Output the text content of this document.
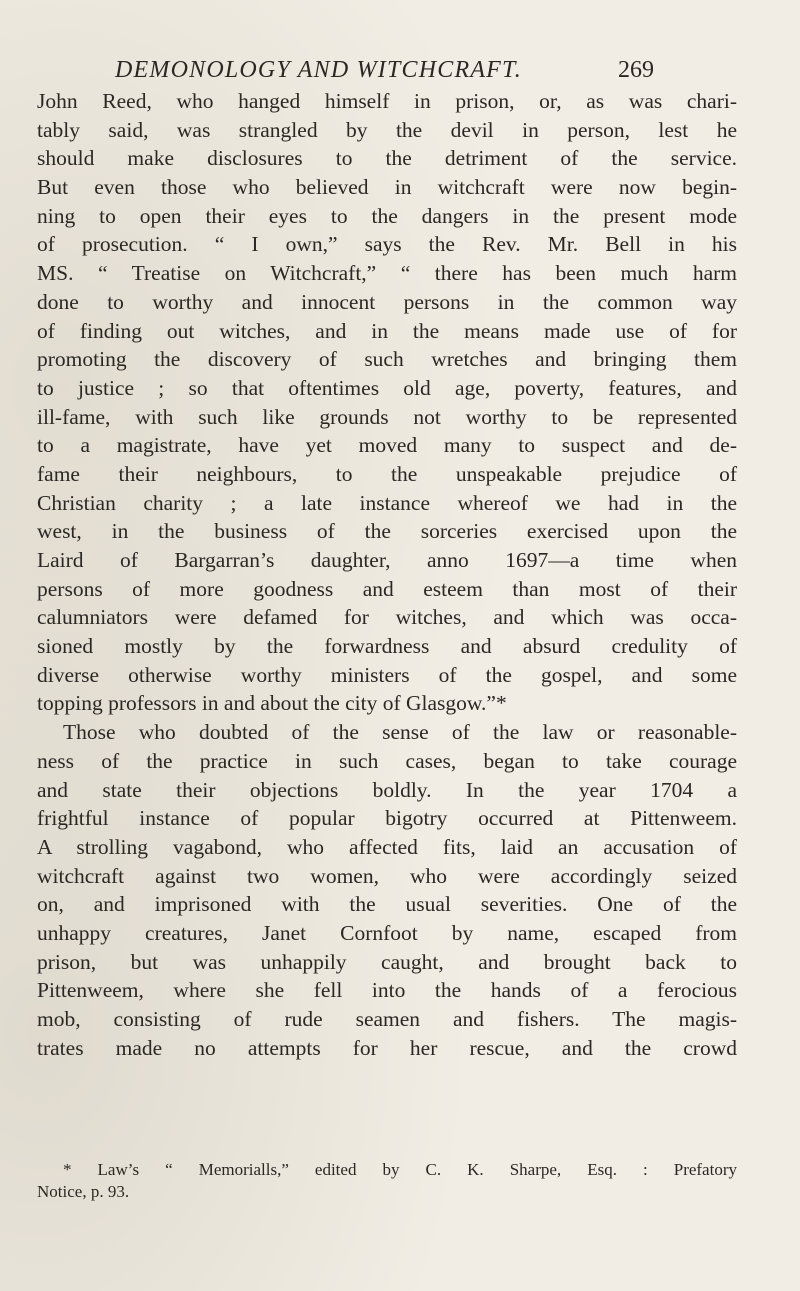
DEMONOLOGY AND WITCHCRAFT.	269
John Reed, who hanged himself in prison, or, as was chari-
tably said, was strangled by the devil in person, lest he
should make disclosures to the detriment of the service.
But even those who believed in witchcraft were now begin-
ning to open their eyes to the dangers in the present mode
of prosecution. “ I own,” says the Rev. Mr. Bell in his
MS. “ Treatise on Witchcraft,” “ there has been much harm
done to worthy and innocent persons in the common way
of finding out witches, and in the means made use of for
promoting the discovery of such wretches and bringing them
to justice ; so that oftentimes old age, poverty, features, and
ill-fame, with such like grounds not worthy to be represented
to a magistrate, have yet moved many to suspect and de-
fame their neighbours, to the unspeakable prejudice of
Christian charity ; a late instance whereof we had in the
west, in the business of the sorceries exercised upon the
Laird of Bargarran’s daughter, anno 1697—a time when
persons of more goodness and esteem than most of their
calumniators were defamed for witches, and which was occa-
sioned mostly by the forwardness and absurd credulity of
diverse otherwise worthy ministers of the gospel, and some
topping professors in and about the city of Glasgow.”*
Those who doubted of the sense of the law or reasonable-
ness of the practice in such cases, began to take courage
and state their objections boldly. In the year 1704 a
frightful instance of popular bigotry occurred at Pittenweem.
A strolling vagabond, who affected fits, laid an accusation of
witchcraft against two women, who were accordingly seized
on, and imprisoned with the usual severities. One of the
unhappy creatures, Janet Cornfoot by name, escaped from
prison, but was unhappily caught, and brought back to
Pittenweem, where she fell into the hands of a ferocious
mob, consisting of rude seamen and fishers. The magis-
trates made no attempts for her rescue, and the crowd
* Law’s “ Memorialls,” edited by C. K. Sharpe, Esq. : Prefatory
Notice, p. 93.
